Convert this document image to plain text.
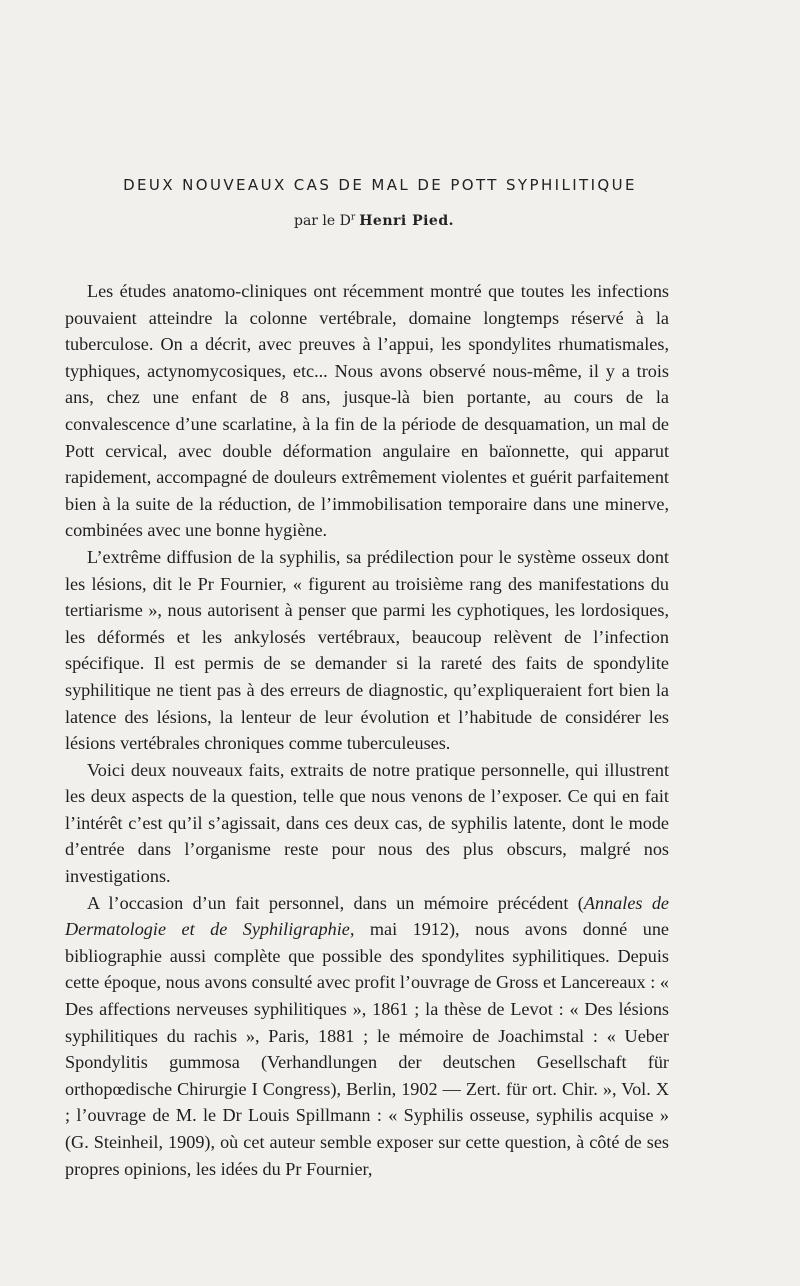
DEUX NOUVEAUX CAS DE MAL DE POTT SYPHILITIQUE
par le $D^r$ Henri Pied.

Les études anatomo-cliniques ont récemment montré que toutes les infections pouvaient atteindre la colonne vertébrale, domaine longtemps réservé à la tuberculose. On a décrit, avec preuves à l’appui, les spondylites rhumatismales, typhiques, actynomycosiques, etc... Nous avons observé nous-même, il y a trois ans, chez une enfant de 8 ans, jusque-là bien portante, au cours de la convalescence d’une scarlatine, à la fin de la période de desquamation, un mal de Pott cervical, avec double déformation angulaire en baïonnette, qui apparut rapidement, accompagné de douleurs extrêmement violentes et guérit parfaitement bien à la suite de la réduction, de l’immobilisation temporaire dans une minerve, combinées avec une bonne hygiène.

L’extrême diffusion de la syphilis, sa prédilection pour le système osseux dont les lésions, dit le Pr Fournier, « figurent au troisième rang des manifestations du tertiarisme », nous autorisent à penser que parmi les cyphotiques, les lordosiques, les déformés et les ankylosés vertébraux, beaucoup relèvent de l’infection spécifique. Il est permis de se demander si la rareté des faits de spondylite syphilitique ne tient pas à des erreurs de diagnostic, qu’expliqueraient fort bien la latence des lésions, la lenteur de leur évolution et l’habitude de considérer les lésions vertébrales chroniques comme tuberculeuses.

Voici deux nouveaux faits, extraits de notre pratique personnelle, qui illustrent les deux aspects de la question, telle que nous venons de l’exposer. Ce qui en fait l’intérêt c’est qu’il s’agissait, dans ces deux cas, de syphilis latente, dont le mode d’entrée dans l’organisme reste pour nous des plus obscurs, malgré nos investigations.

A l’occasion d’un fait personnel, dans un mémoire précédent (Annales de Dermatologie et de Syphiligraphie, mai 1912), nous avons donné une bibliographie aussi complète que possible des spondylites syphilitiques. Depuis cette époque, nous avons consulté avec profit l’ouvrage de Gross et Lancereaux : « Des affections nerveuses syphilitiques », 1861 ; la thèse de Levot : « Des lésions syphilitiques du rachis », Paris, 1881 ; le mémoire de Joachimstal : « Ueber Spondylitis gummosa (Verhandlungen der deutschen Gesellschaft für orthopœdische Chirurgie I Congress), Berlin, 1902 — Zert. für ort. Chir. », Vol. X ; l’ouvrage de M. le Dr Louis Spillmann : « Syphilis osseuse, syphilis acquise » (G. Steinheil, 1909), où cet auteur semble exposer sur cette question, à côté de ses propres opinions, les idées du Pr Fournier,
